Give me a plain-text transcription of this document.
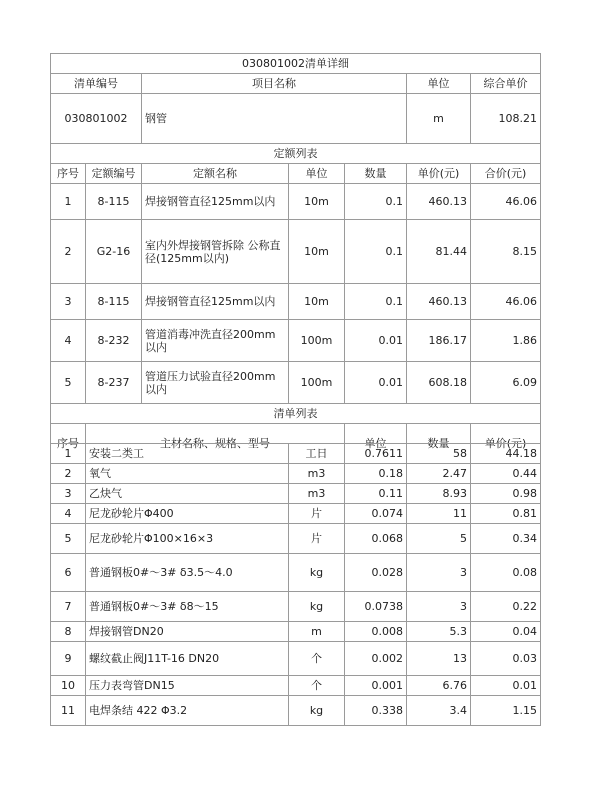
030801002清单详细							
清单编号		项目名称			单位	综合单价	
030801002		钢管			m	108.21	
定额列表							
序号	定额编号	定额名称	单位	数量	单价(元)	合价(元)	
1	8-115	焊接钢管直径125mm以内	10m	0.1	460.13	46.06	
2	G2-16	室内外焊接钢管拆除 公称直径(125mm以内)	10m	0.1	81.44	8.15	
3	8-115	焊接钢管直径125mm以内	10m	0.1	460.13	46.06	
4	8-232	管道消毒冲洗直径200mm以内	100m	0.01	186.17	1.86	
5	8-237	管道压力试验直径200mm以内	100m	0.01	608.18	6.09	
清单列表							
序号	主材名称、规格、型号			单位	数量	单价(元)	
1	安装二类工	工日	0.7611	58	44.18
2	氧气	m3	0.18	2.47	0.44
3	乙炔气	m3	0.11	8.93	0.98
4	尼龙砂轮片Φ400	片	0.074	11	0.81
5	尼龙砂轮片Φ100×16×3	片	0.068	5	0.34
6	普通钢板0#～3# δ3.5～4.0	kg	0.028	3	0.08
7	普通钢板0#～3# δ8～15	kg	0.0738	3	0.22
8	焊接钢管DN20	m	0.008	5.3	0.04
9	螺纹截止阀J11T-16 DN20	个	0.002	13	0.03
10	压力表弯管DN15	个	0.001	6.76	0.01
11	电焊条结 422 Φ3.2	kg	0.338	3.4	1.15
